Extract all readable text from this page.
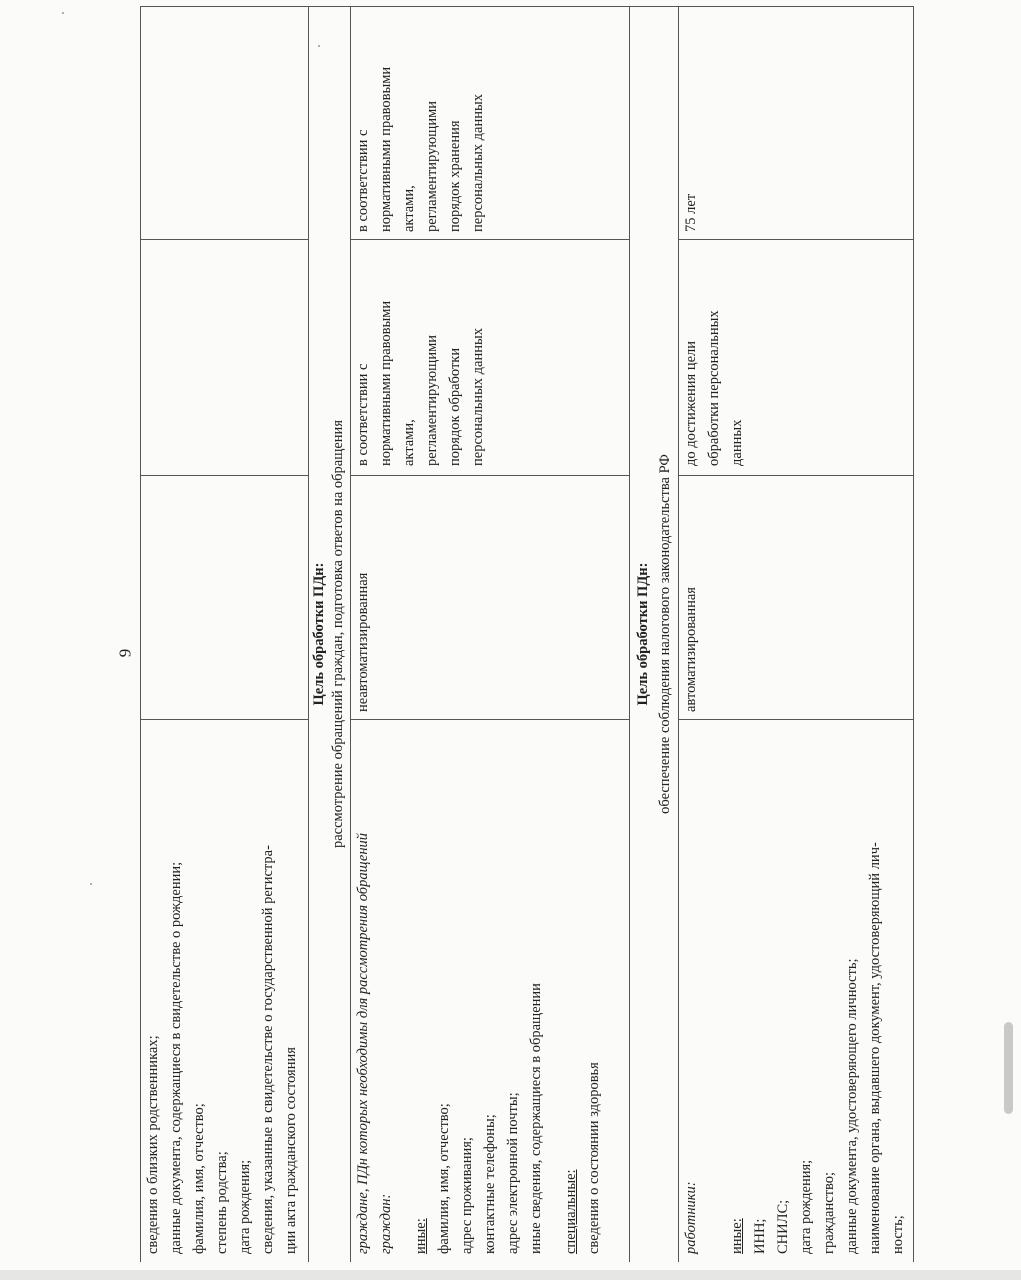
9
сведения о близких родственниках; данные документа, содержащиеся в свидетельстве о рождении; фамилия, имя, отчество; степень родства; дата рождения; сведения, указанные в свидетельстве о государственной регистра- ции акта гражданского состояния
Цель обработки ПДн: рассмотрение обращений граждан, подготовка ответов на обращения
граждане, ПДн которых необходимы для рассмотрения обращений граждан: иные: фамилия, имя, отчество; адрес проживания; контактные телефоны; адрес электронной почты; иные сведения, содержащиеся в обращении специальные: сведения о состоянии здоровья
неавтоматизированная
в соответствии с нормативными правовыми актами, регламентирующими порядок обработки персональных данных
в соответствии с нормативными правовыми актами, регламентирующими порядок хранения персональных данных
Цель обработки ПДн: обеспечение соблюдения налогового законодательства РФ
работники: иные: ИНН; СНИЛС; дата рождения; гражданство; данные документа, удостоверяющего личность; наименование органа, выдавшего документ, удостоверяющий лич- ность;
автоматизированная
до достижения цели обработки персональных данных
75 лет
